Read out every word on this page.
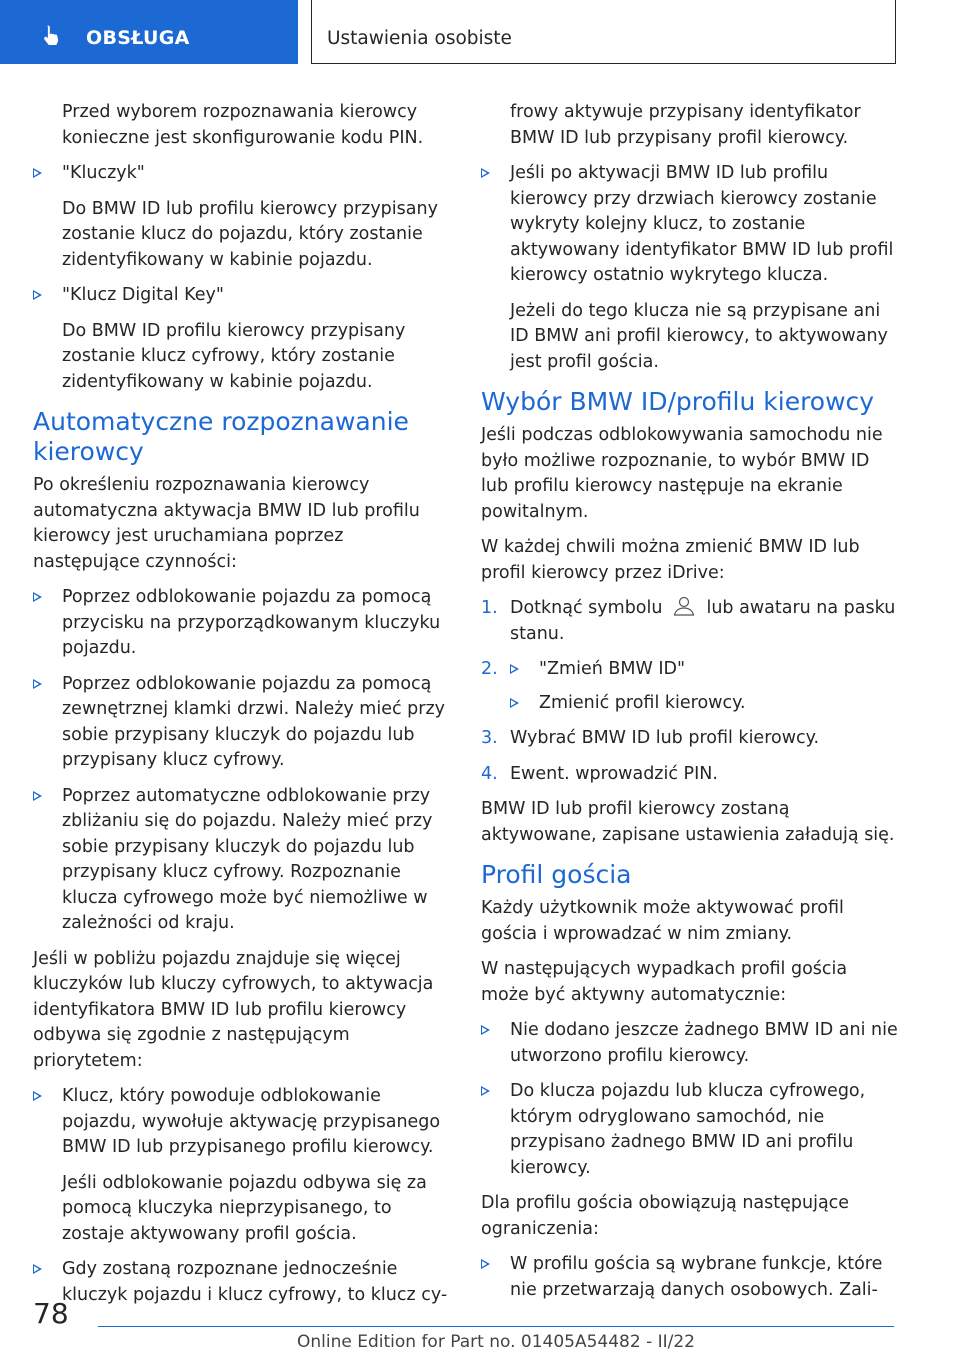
OBSŁUGA	Ustawienia osobiste

Przed wyborem rozpoznawania kierowcy konieczne jest skonfigurowanie kodu PIN.

"Kluczyk"

Do BMW ID lub profilu kierowcy przypisany zostanie klucz do pojazdu, który zostanie zidentyfikowany w kabinie pojazdu.

"Klucz Digital Key"

Do BMW ID profilu kierowcy przypisany zostanie klucz cyfrowy, który zostanie zidentyfikowany w kabinie pojazdu.

Automatyczne rozpoznawanie kierowcy

Po określeniu rozpoznawania kierowcy automatyczna aktywacja BMW ID lub profilu kierowcy jest uruchamiana poprzez następujące czynności:

Poprzez odblokowanie pojazdu za pomocą przycisku na przyporządkowanym kluczyku pojazdu.
Poprzez odblokowanie pojazdu za pomocą zewnętrznej klamki drzwi. Należy mieć przy sobie przypisany kluczyk do pojazdu lub przypisany klucz cyfrowy.
Poprzez automatyczne odblokowanie przy zbliżaniu się do pojazdu. Należy mieć przy sobie przypisany kluczyk do pojazdu lub przypisany klucz cyfrowy. Rozpoznanie klucza cyfrowego może być niemożliwe w zależności od kraju.

Jeśli w pobliżu pojazdu znajduje się więcej kluczyków lub kluczy cyfrowych, to aktywacja identyfikatora BMW ID lub profilu kierowcy odbywa się zgodnie z następującym priorytetem:

Klucz, który powoduje odblokowanie pojazdu, wywołuje aktywację przypisanego BMW ID lub przypisanego profilu kierowcy.

Jeśli odblokowanie pojazdu odbywa się za pomocą kluczyka nieprzypisanego, to zostaje aktywowany profil gościa.

Gdy zostaną rozpoznane jednocześnie kluczyk pojazdu i klucz cyfrowy, to klucz cy-

frowy aktywuje przypisany identyfikator BMW ID lub przypisany profil kierowcy.

Jeśli po aktywacji BMW ID lub profilu kierowcy przy drzwiach kierowcy zostanie wykryty kolejny klucz, to zostanie aktywowany identyfikator BMW ID lub profil kierowcy ostatnio wykrytego klucza.

Jeżeli do tego klucza nie są przypisane ani ID BMW ani profil kierowcy, to aktywowany jest profil gościa.

Wybór BMW ID/profilu kierowcy

Jeśli podczas odblokowywania samochodu nie było możliwe rozpoznanie, to wybór BMW ID lub profilu kierowcy następuje na ekranie powitalnym.

W każdej chwili można zmienić BMW ID lub profil kierowcy przez iDrive:

1. Dotknąć symbolu	lub awataru na pasku stanu.
2. "Zmień BMW ID"
Zmienić profil kierowcy.
3. Wybrać BMW ID lub profil kierowcy.
4. Ewent. wprowadzić PIN.

BMW ID lub profil kierowcy zostaną aktywowane, zapisane ustawienia załadują się.

Profil gościa

Każdy użytkownik może aktywować profil gościa i wprowadzać w nim zmiany.

W następujących wypadkach profil gościa może być aktywny automatycznie:

Nie dodano jeszcze żadnego BMW ID ani nie utworzono profilu kierowcy.
Do klucza pojazdu lub klucza cyfrowego, którym odryglowano samochód, nie przypisano żadnego BMW ID ani profilu kierowcy.

Dla profilu gościa obowiązują następujące ograniczenia:

W profilu gościa są wybrane funkcje, które nie przetwarzają danych osobowych. Zali-
78
Online Edition for Part no. 01405A54482 - II/22
